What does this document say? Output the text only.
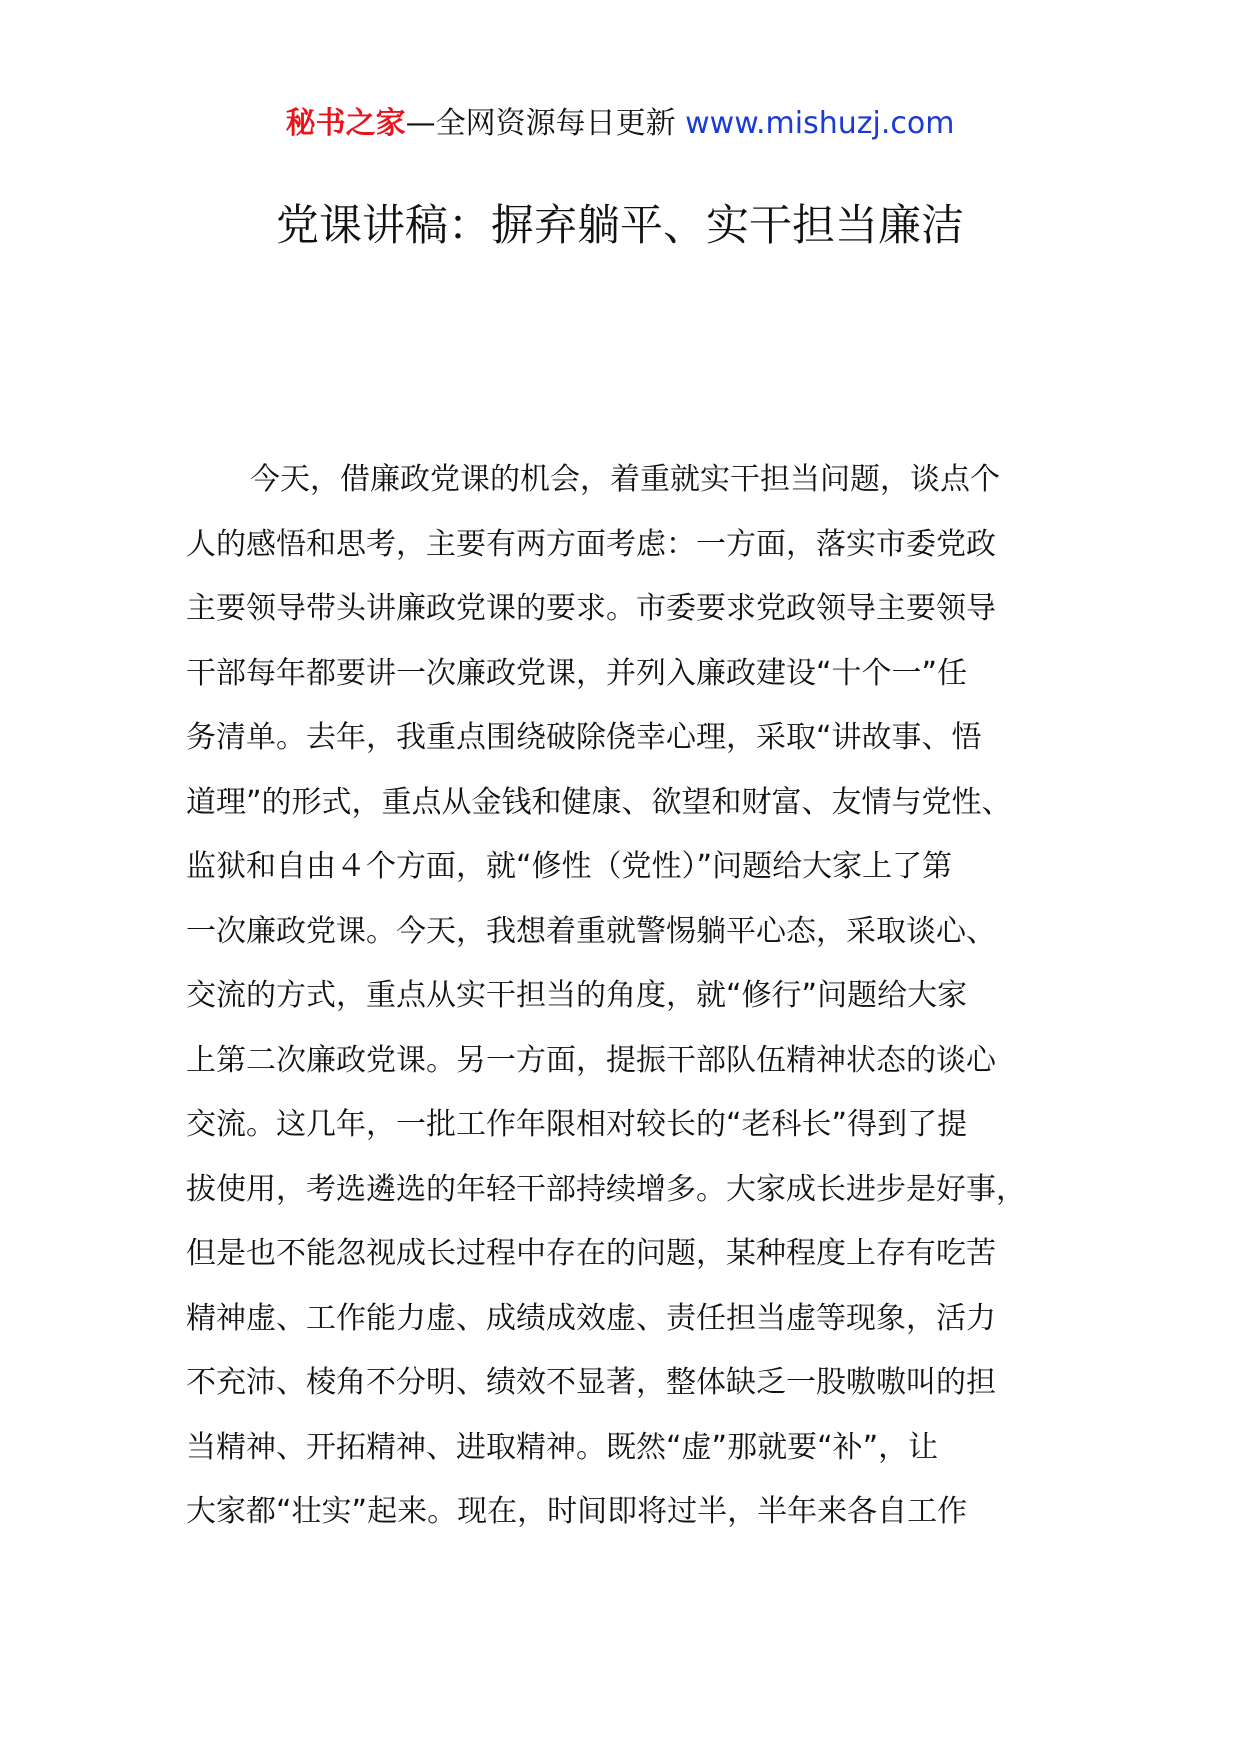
秘书之家—全网资源每日更新 www.mishuzj.com
党课讲稿：摒弃躺平、实干担当廉洁
今天，借廉政党课的机会，着重就实干担当问题，谈点个
人的感悟和思考，主要有两方面考虑：一方面，落实市委党政
主要领导带头讲廉政党课的要求。市委要求党政领导主要领导
干部每年都要讲一次廉政党课，并列入廉政建设“十个一”任
务清单。去年，我重点围绕破除侥幸心理，采取“讲故事、悟
道理”的形式，重点从金钱和健康、欲望和财富、友情与党性、
监狱和自由４个方面，就“修性（党性）”问题给大家上了第
一次廉政党课。今天，我想着重就警惕躺平心态，采取谈心、
交流的方式，重点从实干担当的角度，就“修行”问题给大家
上第二次廉政党课。另一方面，提振干部队伍精神状态的谈心
交流。这几年，一批工作年限相对较长的“老科长”得到了提
拔使用，考选遴选的年轻干部持续增多。大家成长进步是好事，
但是也不能忽视成长过程中存在的问题，某种程度上存有吃苦
精神虚、工作能力虚、成绩成效虚、责任担当虚等现象，活力
不充沛、棱角不分明、绩效不显著，整体缺乏一股嗷嗷叫的担
当精神、开拓精神、进取精神。既然“虚”那就要“补”，让
大家都“壮实”起来。现在，时间即将过半，半年来各自工作
